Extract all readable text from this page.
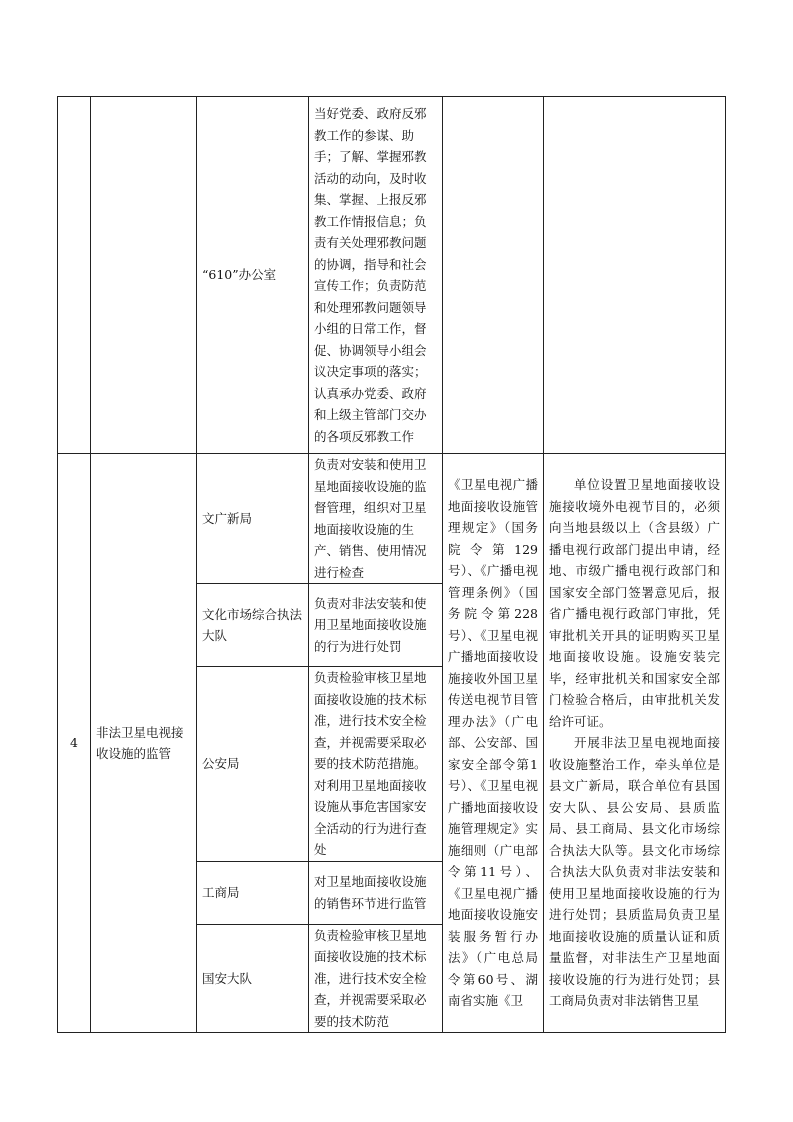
		“610”办公室	当好党委、政府反邪教工作的参谋、助手；了解、掌握邪教活动的动向，及时收集、掌握、上报反邪教工作情报信息；负责有关处理邪教问题的协调，指导和社会宣传工作；负责防范和处理邪教问题领导小组的日常工作，督促、协调领导小组会议决定事项的落实；认真承办党委、政府和上级主管部门交办的各项反邪教工作		
4	非法卫星电视接收设施的监管	文广新局	负责对安装和使用卫星地面接收设施的监督管理，组织对卫星地面接收设施的生产、销售、使用情况进行检查	《卫星电视广播地面接收设施管理规定》（国务院令第129号）、《广播电视管理条例》（国务院令第228号）、《卫星电视广播地面接收设施接收外国卫星传送电视节目管理办法》（广电部、公安部、国家安全部令第1号）、《卫星电视广播地面接收设施管理规定》实施细则（广电部令第11号）、《卫星电视广播地面接收设施安装服务暂行办法》（广电总局令第60号、湖南省实施《卫	单位设置卫星地面接收设施接收境外电视节目的，必须向当地县级以上（含县级）广播电视行政部门提出申请，经地、市级广播电视行政部门和国家安全部门签署意见后，报省广播电视行政部门审批，凭审批机关开具的证明购买卫星地面接收设施。设施安装完毕，经审批机关和国家安全部门检验合格后，由审批机关发给许可证。

开展非法卫星电视地面接收设施整治工作，牵头单位是县文广新局，联合单位有县国安大队、县公安局、县质监局、县工商局、县文化市场综合执法大队等。县文化市场综合执法大队负责对非法安装和使用卫星地面接收设施的行为进行处罚；县质监局负责卫星地面接收设施的质量认证和质量监督，对非法生产卫星地面接收设施的行为进行处罚；县工商局负责对非法销售卫星

		文化市场综合执法大队	负责对非法安装和使用卫星地面接收设施的行为进行处罚		
		公安局	负责检验审核卫星地面接收设施的技术标准，进行技术安全检查，并视需要采取必要的技术防范措施。对利用卫星地面接收设施从事危害国家安全活动的行为进行查处		
		工商局	对卫星地面接收设施的销售环节进行监管		
		国安大队	负责检验审核卫星地面接收设施的技术标准，进行技术安全检查，并视需要采取必要的技术防范		
